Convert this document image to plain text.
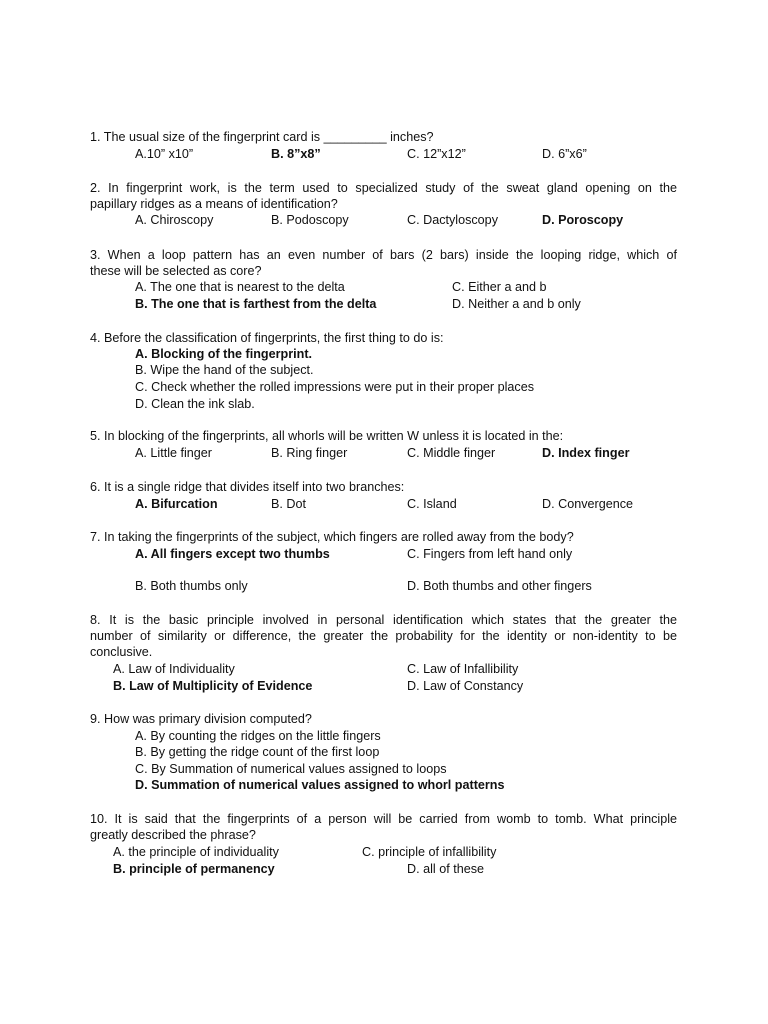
1. The usual size of the fingerprint card is _________ inches?
A.10” x10”	B. 8”x8”	C. 12”x12”	D. 6”x6”
2. In fingerprint work, is the term used to specialized study of the sweat gland opening on the
papillary ridges as a means of identification?
A. Chiroscopy	B. Podoscopy	C. Dactyloscopy	D. Poroscopy
3. When a loop pattern has an even number of bars (2 bars) inside the looping ridge, which of
these will be selected as core?
A. The one that is nearest to the delta	C. Either a and b
B. The one that is farthest from the delta	D. Neither a and b only
4. Before the classification of fingerprints, the first thing to do is:
A. Blocking of the fingerprint.
B. Wipe the hand of the subject.
C. Check whether the rolled impressions were put in their proper places
D. Clean the ink slab.
5. In blocking of the fingerprints, all whorls will be written W unless it is located in the:
A. Little finger	B. Ring finger	C. Middle finger	D. Index finger
6. It is a single ridge that divides itself into two branches:
A. Bifurcation	B. Dot	C. Island	D. Convergence
7. In taking the fingerprints of the subject, which fingers are rolled away from the body?
A. All fingers except two thumbs	C. Fingers from left hand only
B. Both thumbs only	D. Both thumbs and other fingers
8. It is the basic principle involved in personal identification which states that the greater the
number of similarity or difference, the greater the probability for the identity or non-identity to be
conclusive.
A. Law of Individuality	C. Law of Infallibility
B. Law of Multiplicity of Evidence	D. Law of Constancy
9. How was primary division computed?
A. By counting the ridges on the little fingers
B. By getting the ridge count of the first loop
C. By Summation of numerical values assigned to loops
D. Summation of numerical values assigned to whorl patterns
10. It is said that the fingerprints of a person will be carried from womb to tomb. What principle
greatly described the phrase?
A. the principle of individuality	C. principle of infallibility
B. principle of permanency	D. all of these
